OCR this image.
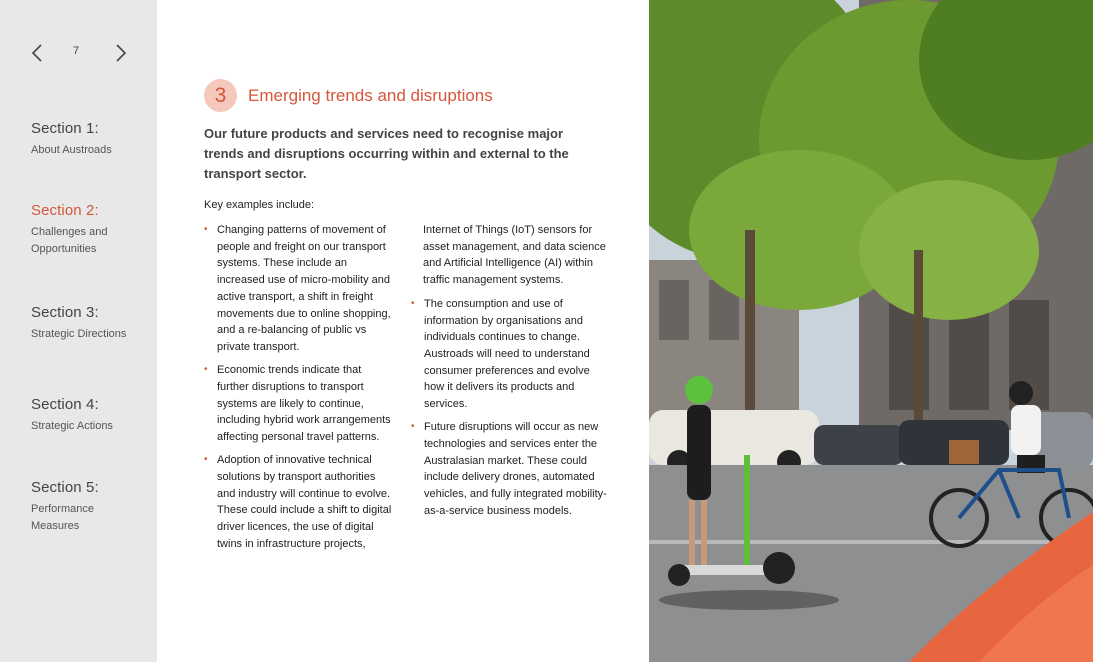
7
Section 1:
About Austroads
Section 2:
Challenges and Opportunities
Section 3:
Strategic Directions
Section 4:
Strategic Actions
Section 5:
Performance Measures
3	Emerging trends and disruptions
Our future products and services need to recognise major trends and disruptions occurring within and external to the transport sector.
Key examples include:
• Changing patterns of movement of people and freight on our transport systems. These include an increased use of micro-mobility and active transport, a shift in freight movements due to online shopping, and a re-balancing of public vs private transport.
• Economic trends indicate that further disruptions to transport systems are likely to continue, including hybrid work arrangements affecting personal travel patterns.
• Adoption of innovative technical solutions by transport authorities and industry will continue to evolve. These could include a shift to digital driver licences, the use of digital twins in infrastructure projects,

Internet of Things (IoT) sensors for asset management, and data science and Artificial Intelligence (AI) within traffic management systems.

• The consumption and use of information by organisations and individuals continues to change. Austroads will need to understand consumer preferences and evolve how it delivers its products and services.
• Future disruptions will occur as new technologies and services enter the Australasian market. These could include delivery drones, automated vehicles, and fully integrated mobility-as-a-service business models.
